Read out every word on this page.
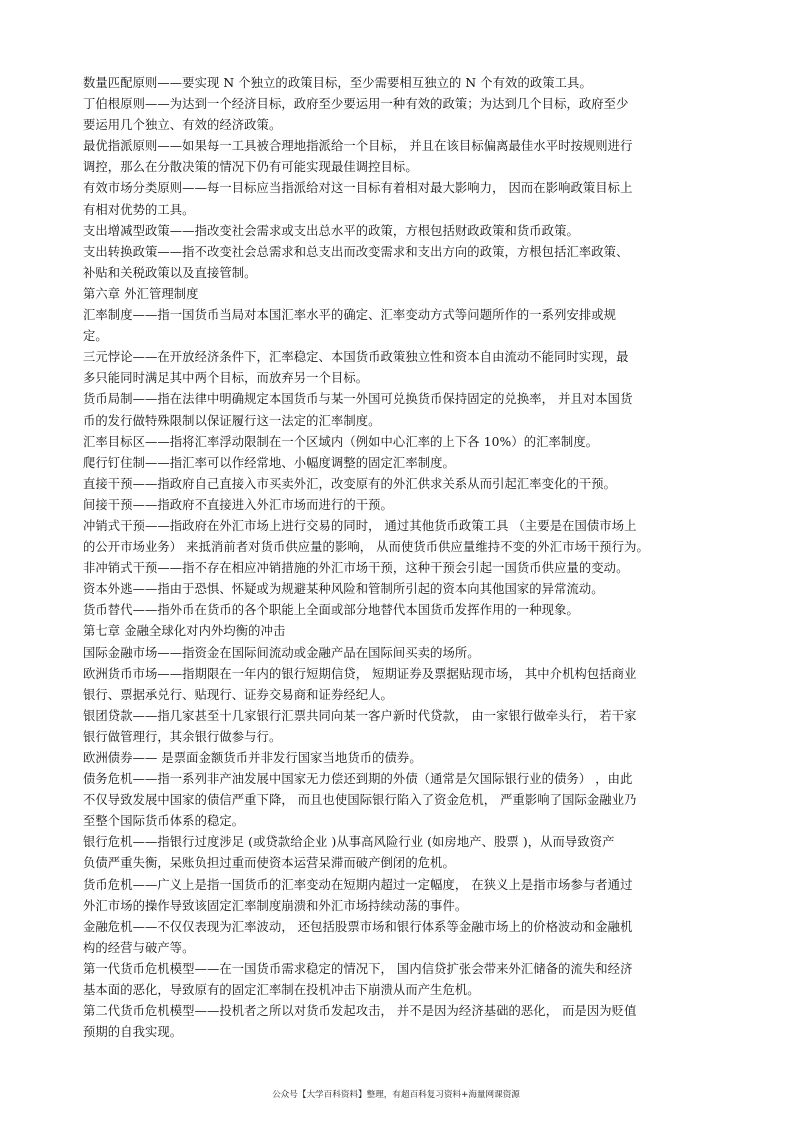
数量匹配原则——要实现 N 个独立的政策目标，至少需要相互独立的 N 个有效的政策工具。
丁伯根原则——为达到一个经济目标，政府至少要运用一种有效的政策；为达到几个目标，政府至少
要运用几个独立、有效的经济政策。
最优指派原则——如果每一工具被合理地指派给一个目标， 并且在该目标偏离最佳水平时按规则进行
调控，那么在分散决策的情况下仍有可能实现最佳调控目标。
有效市场分类原则——每一目标应当指派给对这一目标有着相对最大影响力， 因而在影响政策目标上
有相对优势的工具。
支出增减型政策——指改变社会需求或支出总水平的政策，方根包括财政政策和货币政策。
支出转换政策——指不改变社会总需求和总支出而改变需求和支出方向的政策，方根包括汇率政策、
补贴和关税政策以及直接管制。
第六章 外汇管理制度
汇率制度——指一国货币当局对本国汇率水平的确定、汇率变动方式等问题所作的一系列安排或规
定。
三元悖论——在开放经济条件下，汇率稳定、本国货币政策独立性和资本自由流动不能同时实现，最
多只能同时满足其中两个目标，而放弃另一个目标。
货币局制——指在法律中明确规定本国货币与某一外国可兑换货币保持固定的兑换率， 并且对本国货
币的发行做特殊限制以保证履行这一法定的汇率制度。
汇率目标区——指将汇率浮动限制在一个区域内（例如中心汇率的上下各 10%）的汇率制度。
爬行钉住制——指汇率可以作经常地、小幅度调整的固定汇率制度。
直接干预——指政府自己直接入市买卖外汇，改变原有的外汇供求关系从而引起汇率变化的干预。
间接干预——指政府不直接进入外汇市场而进行的干预。
冲销式干预——指政府在外汇市场上进行交易的同时， 通过其他货币政策工具 （主要是在国债市场上
的公开市场业务） 来抵消前者对货币供应量的影响， 从而使货币供应量维持不变的外汇市场干预行为。
非冲销式干预——指不存在相应冲销措施的外汇市场干预，这种干预会引起一国货币供应量的变动。
资本外逃——指由于恐惧、怀疑或为规避某种风险和管制所引起的资本向其他国家的异常流动。
货币替代——指外币在货币的各个职能上全面或部分地替代本国货币发挥作用的一种现象。
第七章 金融全球化对内外均衡的冲击
国际金融市场——指资金在国际间流动或金融产品在国际间买卖的场所。
欧洲货币市场——指期限在一年内的银行短期信贷， 短期证券及票据贴现市场， 其中介机构包括商业
银行、票据承兑行、贴现行、证券交易商和证券经纪人。
银团贷款——指几家甚至十几家银行汇票共同向某一客户新时代贷款， 由一家银行做牵头行， 若干家
银行做管理行，其余银行做参与行。
欧洲债券—— 是票面金额货币并非发行国家当地货币的债券。
债务危机——指一系列非产油发展中国家无力偿还到期的外债（通常是欠国际银行业的债务） ，由此
不仅导致发展中国家的债信严重下降， 而且也使国际银行陷入了资金危机， 严重影响了国际金融业乃
至整个国际货币体系的稳定。
银行危机——指银行过度涉足 (或贷款给企业 )从事高风险行业 (如房地产、股票 )，从而导致资产
负债严重失衡，呆账负担过重而使资本运营呆滞而破产倒闭的危机。
货币危机——广义上是指一国货币的汇率变动在短期内超过一定幅度， 在狭义上是指市场参与者通过
外汇市场的操作导致该固定汇率制度崩溃和外汇市场持续动荡的事件。
金融危机——不仅仅表现为汇率波动， 还包括股票市场和银行体系等金融市场上的价格波动和金融机
构的经营与破产等。
第一代货币危机模型——在一国货币需求稳定的情况下， 国内信贷扩张会带来外汇储备的流失和经济
基本面的恶化，导致原有的固定汇率制在投机冲击下崩溃从而产生危机。
第二代货币危机模型——投机者之所以对货币发起攻击， 并不是因为经济基础的恶化， 而是因为贬值
预期的自我实现。
公众号【大学百科资料】整理，有超百科复习资料+海量网课资源
